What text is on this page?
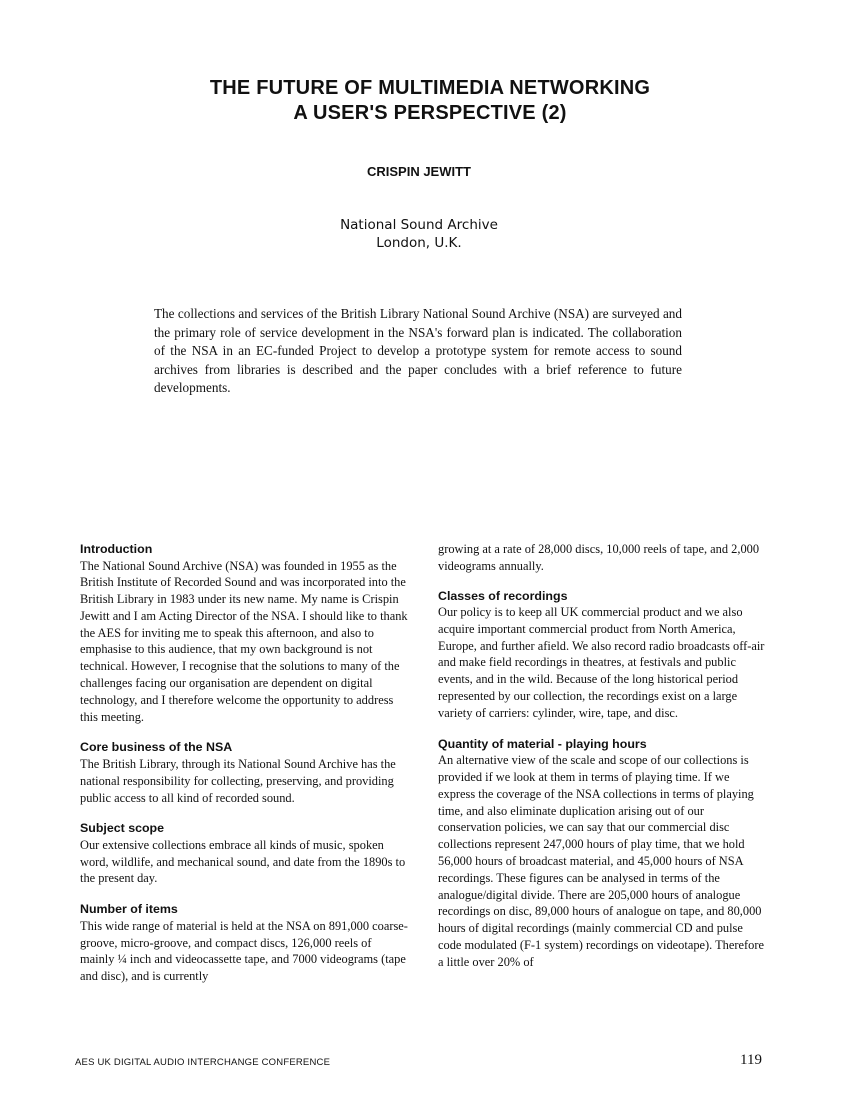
THE FUTURE OF MULTIMEDIA NETWORKING
A USER'S PERSPECTIVE (2)
CRISPIN JEWITT
National Sound Archive
London, U.K.
The collections and services of the British Library National Sound Archive (NSA) are surveyed and the primary role of service development in the NSA's forward plan is indicated. The collaboration of the NSA in an EC-funded Project to develop a prototype system for remote access to sound archives from libraries is described and the paper concludes with a brief reference to future developments.
Introduction

The National Sound Archive (NSA) was founded in 1955 as the British Institute of Recorded Sound and was incorporated into the British Library in 1983 under its new name. My name is Crispin Jewitt and I am Acting Director of the NSA. I should like to thank the AES for inviting me to speak this afternoon, and also to emphasise to this audience, that my own background is not technical. However, I recognise that the solutions to many of the challenges facing our organisation are dependent on digital technology, and I therefore welcome the opportunity to address this meeting.

Core business of the NSA

The British Library, through its National Sound Archive has the national responsibility for collecting, preserving, and providing public access to all kind of recorded sound.

Subject scope

Our extensive collections embrace all kinds of music, spoken word, wildlife, and mechanical sound, and date from the 1890s to the present day.

Number of items

This wide range of material is held at the NSA on 891,000 coarse-groove, micro-groove, and compact discs, 126,000 reels of mainly ¼ inch and videocassette tape, and 7000 videograms (tape and disc), and is currently

growing at a rate of 28,000 discs, 10,000 reels of tape, and 2,000 videograms annually.

Classes of recordings

Our policy is to keep all UK commercial product and we also acquire important commercial product from North America, Europe, and further afield. We also record radio broadcasts off-air and make field recordings in theatres, at festivals and public events, and in the wild. Because of the long historical period represented by our collection, the recordings exist on a large variety of carriers: cylinder, wire, tape, and disc.

Quantity of material - playing hours

An alternative view of the scale and scope of our collections is provided if we look at them in terms of playing time. If we express the coverage of the NSA collections in terms of playing time, and also eliminate duplication arising out of our conservation policies, we can say that our commercial disc collections represent 247,000 hours of play time, that we hold 56,000 hours of broadcast material, and 45,000 hours of NSA recordings. These figures can be analysed in terms of the analogue/digital divide. There are 205,000 hours of analogue recordings on disc, 89,000 hours of analogue on tape, and 80,000 hours of digital recordings (mainly commercial CD and pulse code modulated (F-1 system) recordings on videotape). Therefore a little over 20% of

AES UK DIGITAL AUDIO INTERCHANGE CONFERENCE	119
